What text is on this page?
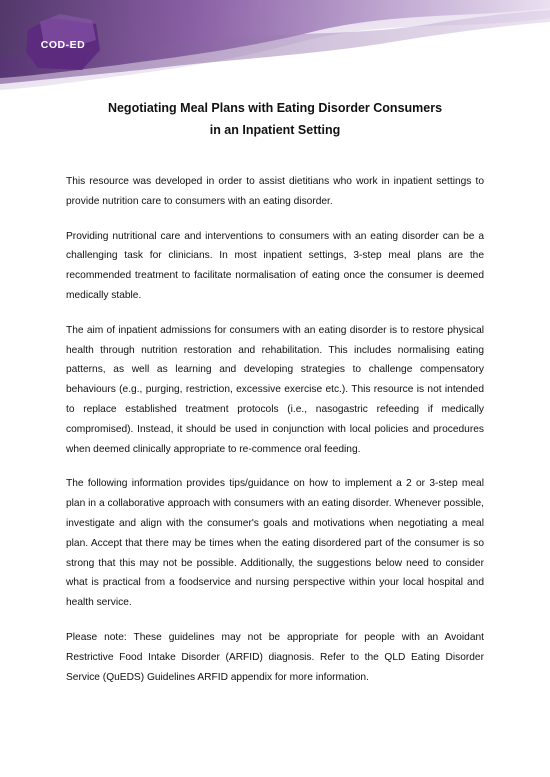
COD-ED
Negotiating Meal Plans with Eating Disorder Consumers
in an Inpatient Setting

This resource was developed in order to assist dietitians who work in inpatient settings to provide nutrition care to consumers with an eating disorder.

Providing nutritional care and interventions to consumers with an eating disorder can be a challenging task for clinicians. In most inpatient settings, 3-step meal plans are the recommended treatment to facilitate normalisation of eating once the consumer is deemed medically stable.

The aim of inpatient admissions for consumers with an eating disorder is to restore physical health through nutrition restoration and rehabilitation. This includes normalising eating patterns, as well as learning and developing strategies to challenge compensatory behaviours (e.g., purging, restriction, excessive exercise etc.). This resource is not intended to replace established treatment protocols (i.e., nasogastric refeeding if medically compromised). Instead, it should be used in conjunction with local policies and procedures when deemed clinically appropriate to re-commence oral feeding.

The following information provides tips/guidance on how to implement a 2 or 3-step meal plan in a collaborative approach with consumers with an eating disorder. Whenever possible, investigate and align with the consumer's goals and motivations when negotiating a meal plan. Accept that there may be times when the eating disordered part of the consumer is so strong that this may not be possible. Additionally, the suggestions below need to consider what is practical from a foodservice and nursing perspective within your local hospital and health service.

Please note: These guidelines may not be appropriate for people with an Avoidant Restrictive Food Intake Disorder (ARFID) diagnosis. Refer to the QLD Eating Disorder Service (QuEDS) Guidelines ARFID appendix for more information.
